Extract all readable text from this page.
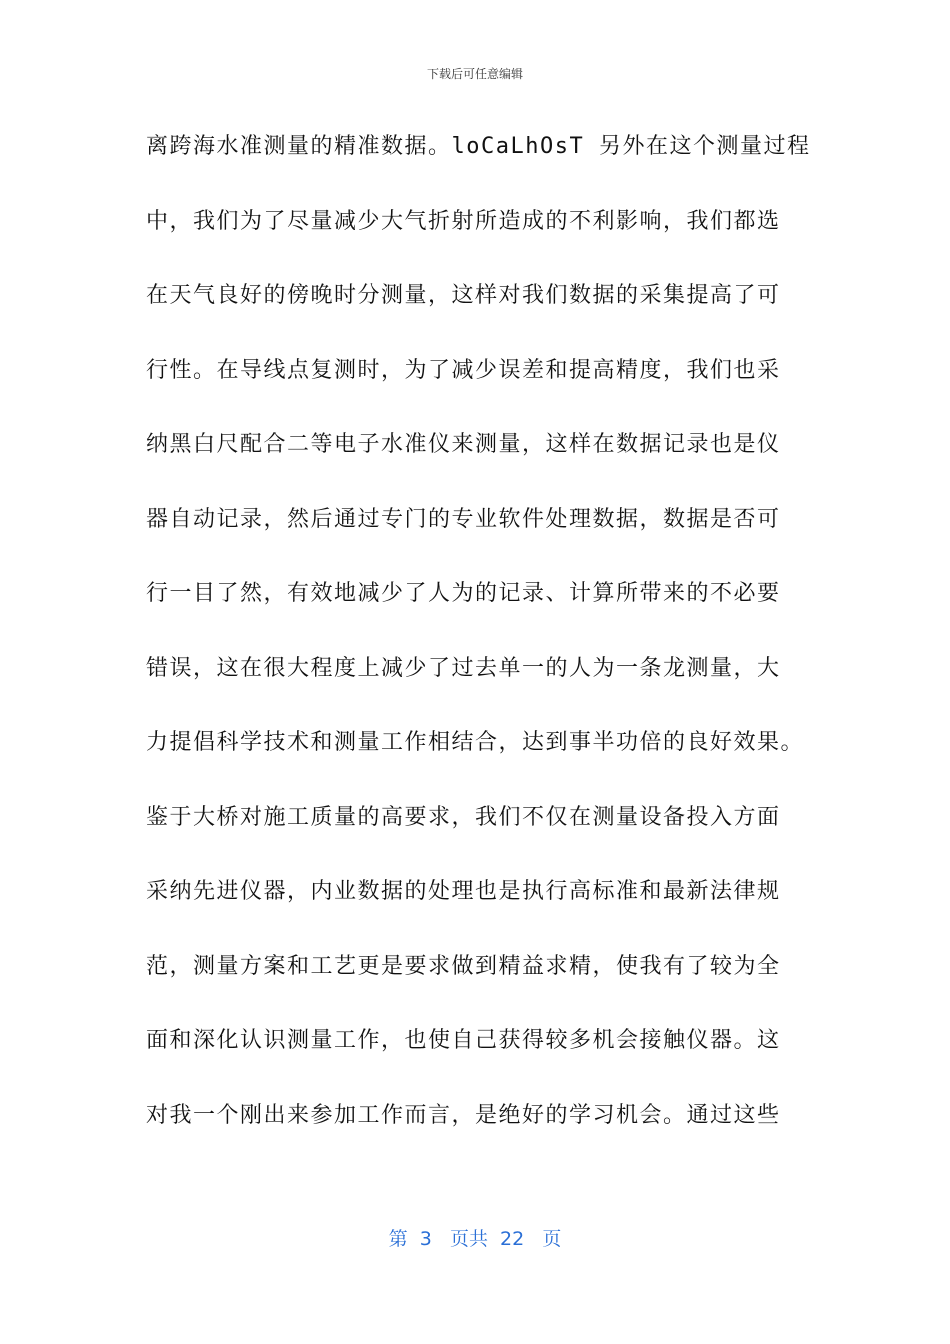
下载后可任意编辑
离跨海水准测量的精准数据。loCaLhOsT 另外在这个测量过程
中，我们为了尽量减少大气折射所造成的不利影响，我们都选
在天气良好的傍晚时分测量，这样对我们数据的采集提高了可
行性。在导线点复测时，为了减少误差和提高精度，我们也采
纳黑白尺配合二等电子水准仪来测量，这样在数据记录也是仪
器自动记录，然后通过专门的专业软件处理数据，数据是否可
行一目了然，有效地减少了人为的记录、计算所带来的不必要
错误，这在很大程度上减少了过去单一的人为一条龙测量，大
力提倡科学技术和测量工作相结合，达到事半功倍的良好效果。
鉴于大桥对施工质量的高要求，我们不仅在测量设备投入方面
采纳先进仪器，内业数据的处理也是执行高标准和最新法律规
范，测量方案和工艺更是要求做到精益求精，使我有了较为全
面和深化认识测量工作，也使自己获得较多机会接触仪器。这
对我一个刚出来参加工作而言，是绝好的学习机会。通过这些
第 3 页共 22 页
